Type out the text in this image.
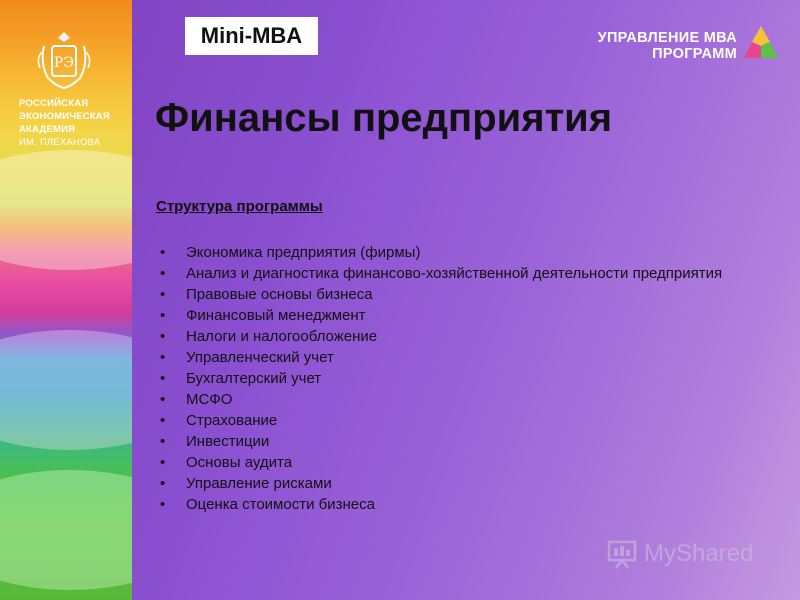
РЭ
РОССИЙСКАЯ
ЭКОНОМИЧЕСКАЯ
АКАДЕМИЯ
ИМ. ПЛЕХАНОВА
Mini-MBA	УПРАВЛЕНИЕ МВА
ПРОГРАММ
Финансы предприятия
Структура программы
• Экономика предприятия (фирмы)
• Анализ и диагностика финансово-хозяйственной деятельности предприятия
• Правовые основы бизнеса
• Финансовый менеджмент
• Налоги и налогообложение
• Управленческий учет
• Бухгалтерский учет
• МСФО
• Страхование
• Инвестиции
• Основы аудита
• Управление рисками
• Оценка стоимости бизнеса
MyShared
